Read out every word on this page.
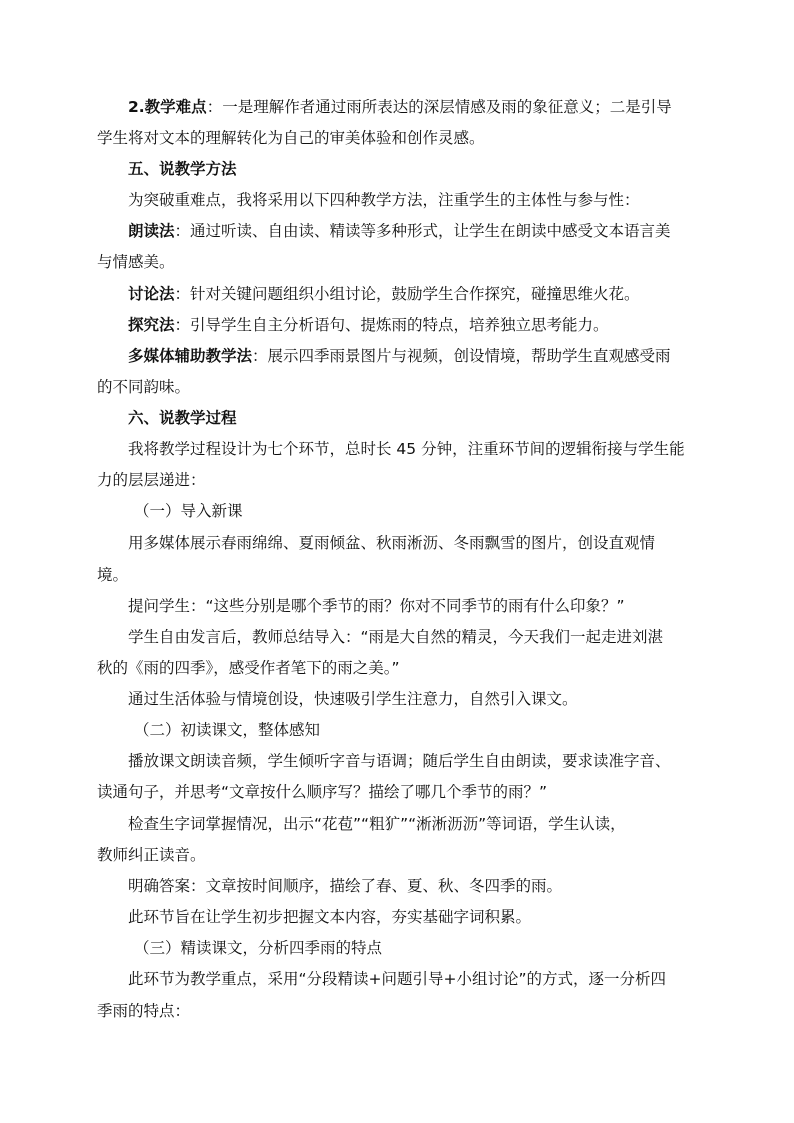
2.教学难点：一是理解作者通过雨所表达的深层情感及雨的象征意义；二是引导
学生将对文本的理解转化为自己的审美体验和创作灵感。
五、说教学方法
为突破重难点，我将采用以下四种教学方法，注重学生的主体性与参与性：
朗读法：通过听读、自由读、精读等多种形式，让学生在朗读中感受文本语言美
与情感美。
讨论法：针对关键问题组织小组讨论，鼓励学生合作探究，碰撞思维火花。
探究法：引导学生自主分析语句、提炼雨的特点，培养独立思考能力。
多媒体辅助教学法：展示四季雨景图片与视频，创设情境，帮助学生直观感受雨
的不同韵味。
六、说教学过程
我将教学过程设计为七个环节，总时长 45 分钟，注重环节间的逻辑衔接与学生能
力的层层递进：
（一）导入新课
用多媒体展示春雨绵绵、夏雨倾盆、秋雨淅沥、冬雨飘雪的图片，创设直观情
境。
提问学生：“这些分别是哪个季节的雨？你对不同季节的雨有什么印象？”
学生自由发言后，教师总结导入：“雨是大自然的精灵，今天我们一起走进刘湛
秋的《雨的四季》，感受作者笔下的雨之美。”
通过生活体验与情境创设，快速吸引学生注意力，自然引入课文。
（二）初读课文，整体感知
播放课文朗读音频，学生倾听字音与语调；随后学生自由朗读，要求读准字音、
读通句子，并思考“文章按什么顺序写？描绘了哪几个季节的雨？”
检查生字词掌握情况，出示“花苞”“粗犷”“淅淅沥沥”等词语，学生认读，
教师纠正读音。
明确答案：文章按时间顺序，描绘了春、夏、秋、冬四季的雨。
此环节旨在让学生初步把握文本内容，夯实基础字词积累。
（三）精读课文，分析四季雨的特点
此环节为教学重点，采用“分段精读+问题引导+小组讨论”的方式，逐一分析四
季雨的特点：
